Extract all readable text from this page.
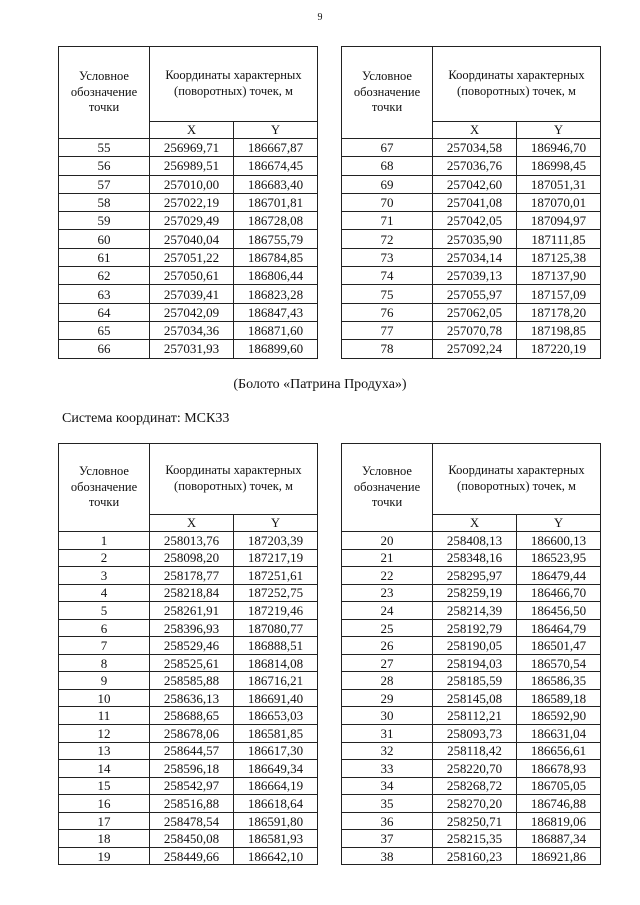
9
Условное обозначение точки	Координаты характерных (поворотных) точек, м	
	X	Y
55	256969,71	186667,87
56	256989,51	186674,45
57	257010,00	186683,40
58	257022,19	186701,81
59	257029,49	186728,08
60	257040,04	186755,79
61	257051,22	186784,85
62	257050,61	186806,44
63	257039,41	186823,28
64	257042,09	186847,43
65	257034,36	186871,60
66	257031,93	186899,60
Условное обозначение точки	Координаты характерных (поворотных) точек, м	
	X	Y
67	257034,58	186946,70
68	257036,76	186998,45
69	257042,60	187051,31
70	257041,08	187070,01
71	257042,05	187094,97
72	257035,90	187111,85
73	257034,14	187125,38
74	257039,13	187137,90
75	257055,97	187157,09
76	257062,05	187178,20
77	257070,78	187198,85
78	257092,24	187220,19
(Болото «Патрина Продуха»)
Система координат: МСК33
Условное обозначение точки	Координаты характерных (поворотных) точек, м	
	X	Y
1	258013,76	187203,39
2	258098,20	187217,19
3	258178,77	187251,61
4	258218,84	187252,75
5	258261,91	187219,46
6	258396,93	187080,77
7	258529,46	186888,51
8	258525,61	186814,08
9	258585,88	186716,21
10	258636,13	186691,40
11	258688,65	186653,03
12	258678,06	186581,85
13	258644,57	186617,30
14	258596,18	186649,34
15	258542,97	186664,19
16	258516,88	186618,64
17	258478,54	186591,80
18	258450,08	186581,93
19	258449,66	186642,10
Условное обозначение точки	Координаты характерных (поворотных) точек, м	
	X	Y
20	258408,13	186600,13
21	258348,16	186523,95
22	258295,97	186479,44
23	258259,19	186466,70
24	258214,39	186456,50
25	258192,79	186464,79
26	258190,05	186501,47
27	258194,03	186570,54
28	258185,59	186586,35
29	258145,08	186589,18
30	258112,21	186592,90
31	258093,73	186631,04
32	258118,42	186656,61
33	258220,70	186678,93
34	258268,72	186705,05
35	258270,20	186746,88
36	258250,71	186819,06
37	258215,35	186887,34
38	258160,23	186921,86
